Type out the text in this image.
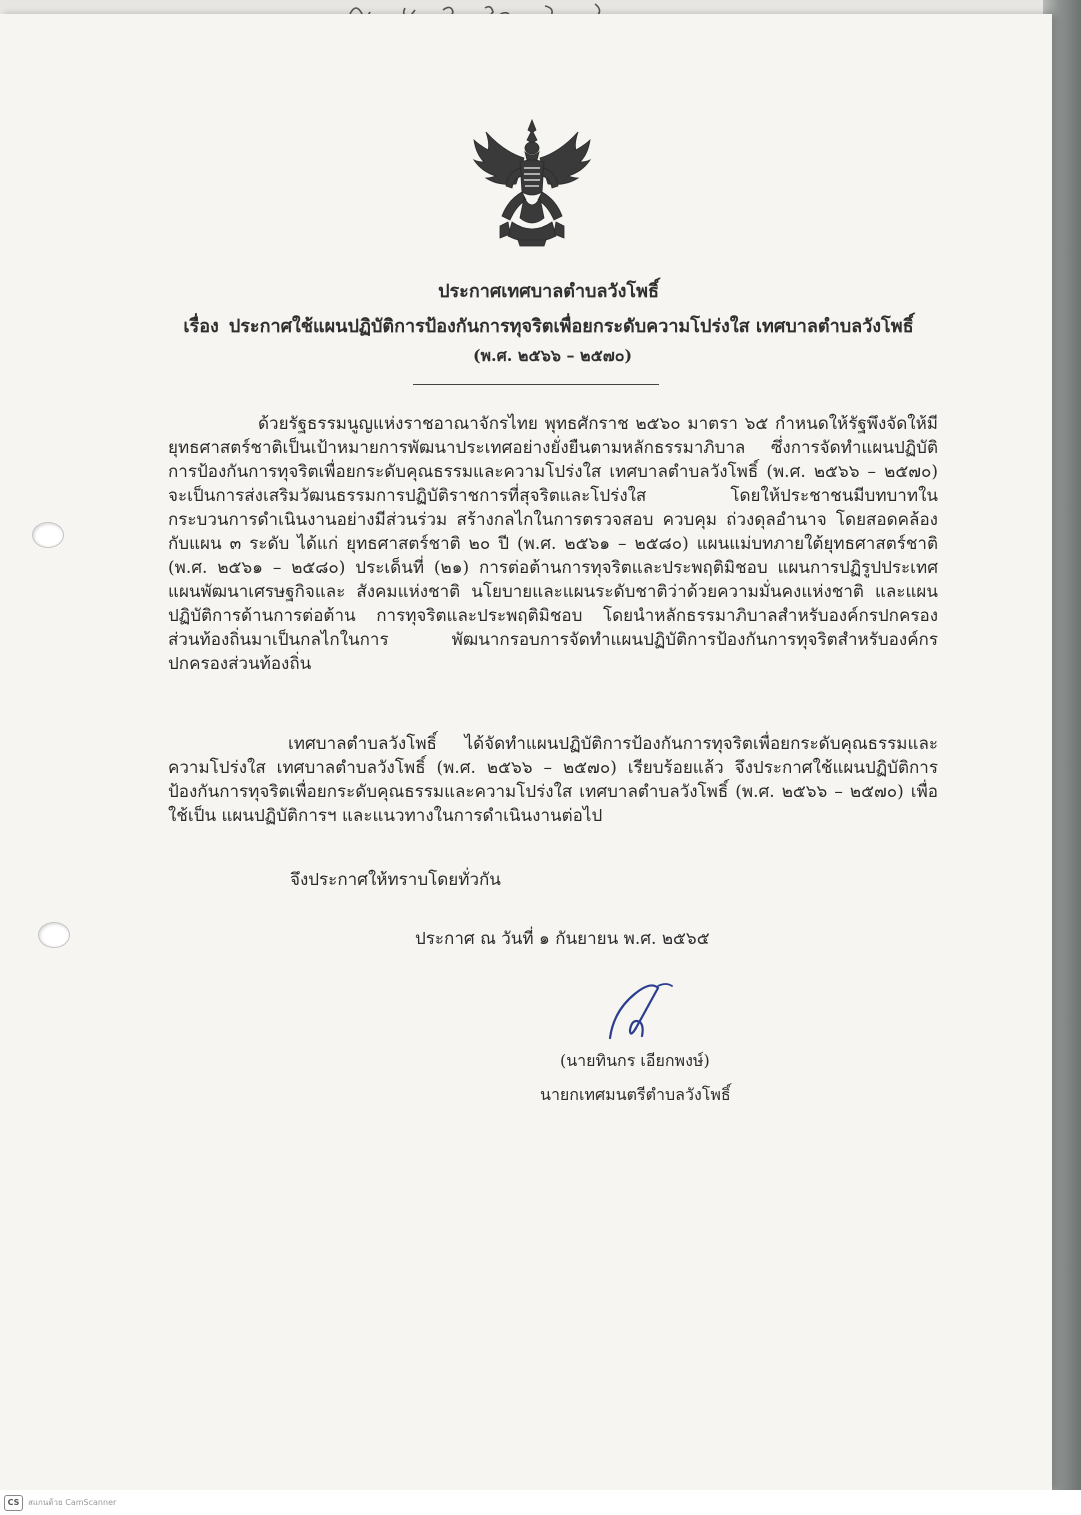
ประกาศเทศบาลตำบลวังโพธิ์
เรื่อง ประกาศใช้แผนปฏิบัติการป้องกันการทุจริตเพื่อยกระดับความโปร่งใส เทศบาลตำบลวังโพธิ์
(พ.ศ. ๒๕๖๖ – ๒๕๗๐)

ด้วยรัฐธรรมนูญแห่งราชอาณาจักรไทย พุทธศักราช ๒๕๖๐ มาตรา ๖๕ กำหนดให้รัฐพึงจัดให้มียุทธศาสตร์ชาติเป็นเป้าหมายการพัฒนาประเทศอย่างยั่งยืนตามหลักธรรมาภิบาล ซึ่งการจัดทำแผนปฏิบัติการป้องกันการทุจริตเพื่อยกระดับคุณธรรมและความโปร่งใส เทศบาลตำบลวังโพธิ์ (พ.ศ. ๒๕๖๖ – ๒๕๗๐) จะเป็นการส่งเสริมวัฒนธรรมการปฏิบัติราชการที่สุจริตและโปร่งใส โดยให้ประชาชนมีบทบาทในกระบวนการดำเนินงานอย่างมีส่วนร่วม สร้างกลไกในการตรวจสอบ ควบคุม ถ่วงดุลอำนาจ โดยสอดคล้องกับแผน ๓ ระดับ ได้แก่ ยุทธศาสตร์ชาติ ๒๐ ปี (พ.ศ. ๒๕๖๑ – ๒๕๘๐) แผนแม่บทภายใต้ยุทธศาสตร์ชาติ (พ.ศ. ๒๕๖๑ – ๒๕๘๐) ประเด็นที่ (๒๑) การต่อต้านการทุจริตและประพฤติมิชอบ แผนการปฏิรูปประเทศ แผนพัฒนาเศรษฐกิจและ สังคมแห่งชาติ นโยบายและแผนระดับชาติว่าด้วยความมั่นคงแห่งชาติ และแผนปฏิบัติการด้านการต่อต้าน การทุจริตและประพฤติมิชอบ โดยนำหลักธรรมาภิบาลสำหรับองค์กรปกครองส่วนท้องถิ่นมาเป็นกลไกในการ พัฒนากรอบการจัดทำแผนปฏิบัติการป้องกันการทุจริตสำหรับองค์กรปกครองส่วนท้องถิ่น

เทศบาลตำบลวังโพธิ์ ได้จัดทำแผนปฏิบัติการป้องกันการทุจริตเพื่อยกระดับคุณธรรมและความโปร่งใส เทศบาลตำบลวังโพธิ์ (พ.ศ. ๒๕๖๖ – ๒๕๗๐) เรียบร้อยแล้ว จึงประกาศใช้แผนปฏิบัติการป้องกันการทุจริตเพื่อยกระดับคุณธรรมและความโปร่งใส เทศบาลตำบลวังโพธิ์ (พ.ศ. ๒๕๖๖ – ๒๕๗๐) เพื่อใช้เป็น แผนปฏิบัติการฯ และแนวทางในการดำเนินงานต่อไป

จึงประกาศให้ทราบโดยทั่วกัน
ประกาศ ณ วันที่ ๑ กันยายน พ.ศ. ๒๕๖๕
(นายทินกร เอียกพงษ์)
นายกเทศมนตรีตำบลวังโพธิ์
CS	สแกนด้วย CamScanner
